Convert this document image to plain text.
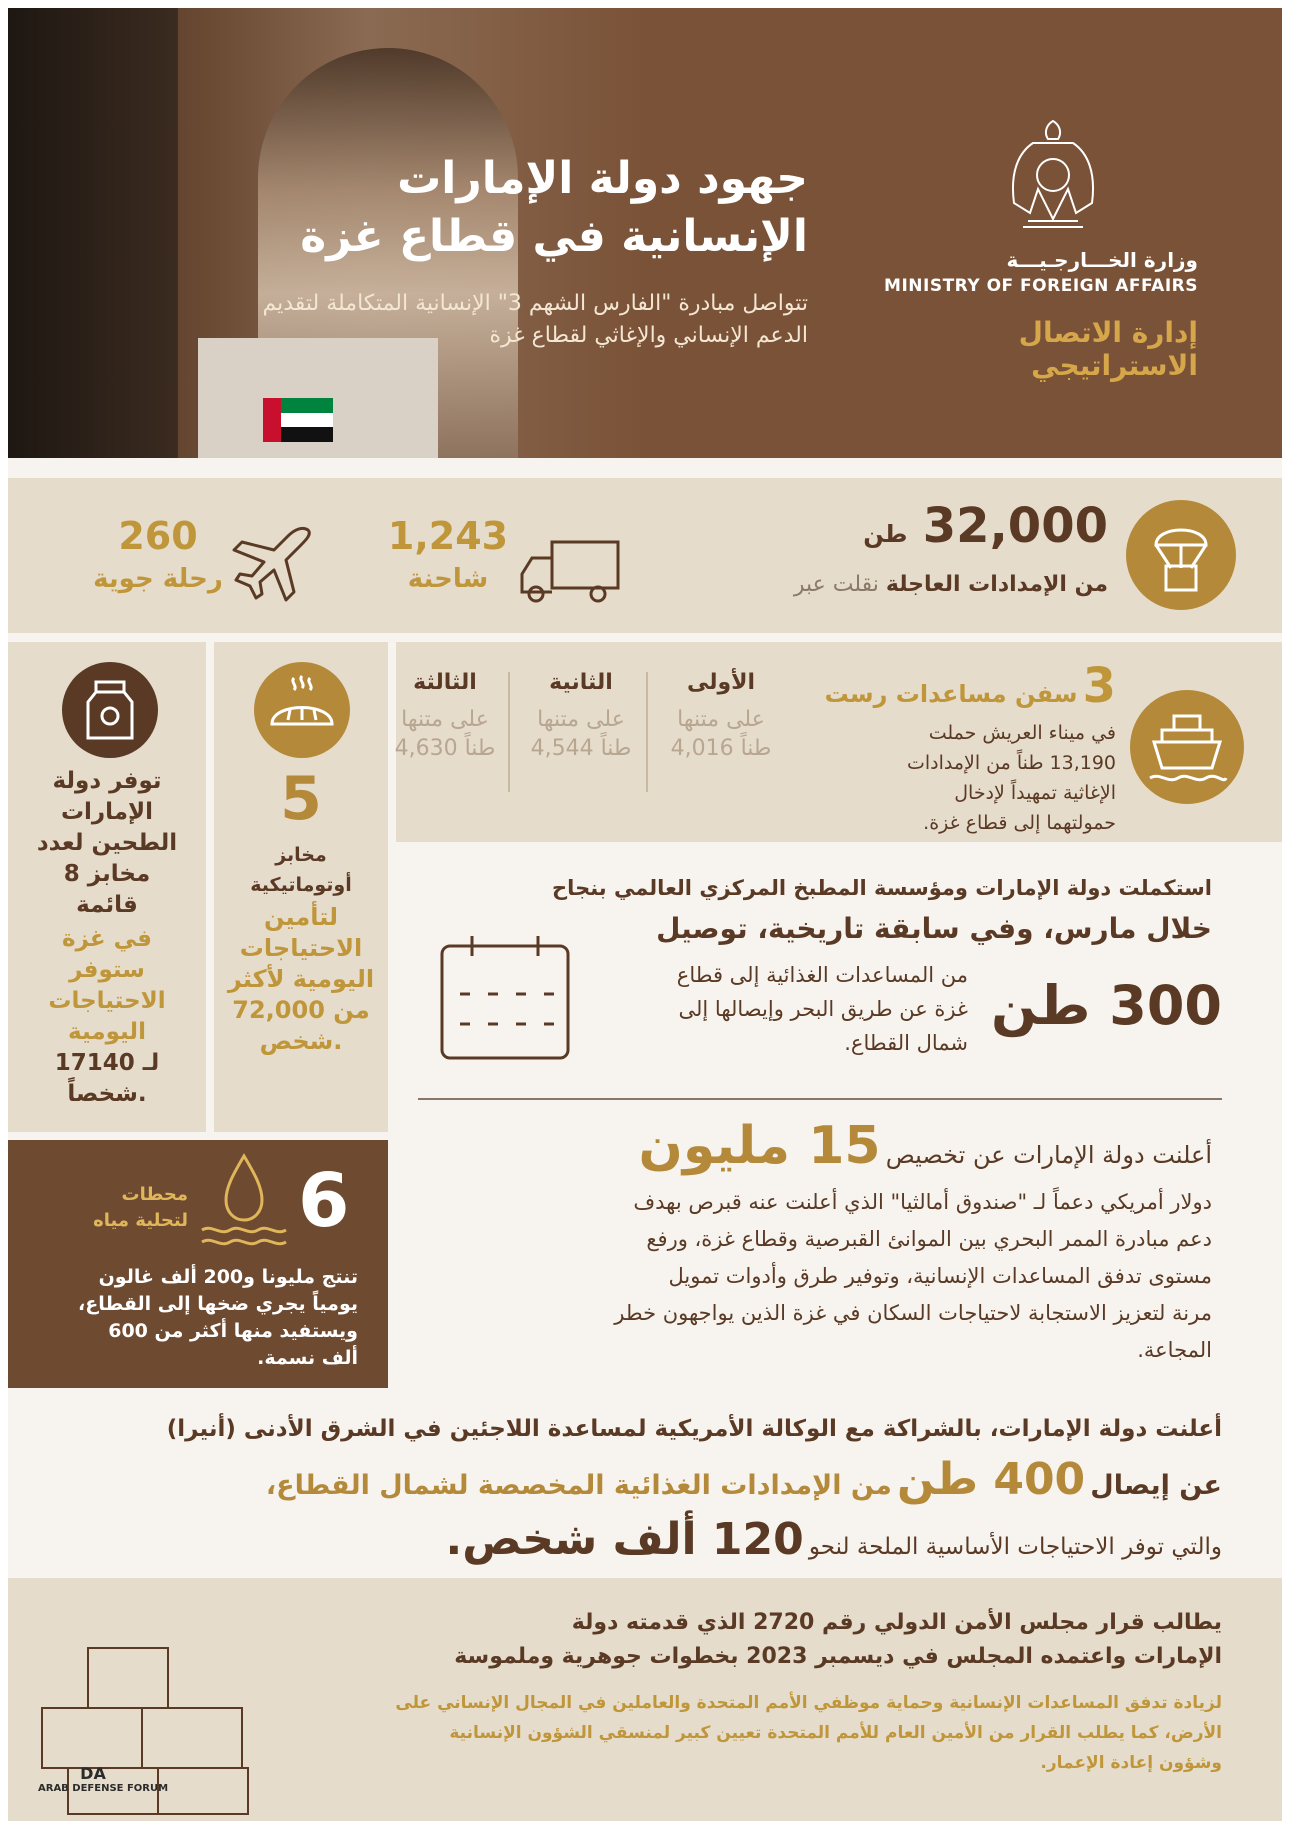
جهود دولة الإمارات
الإنسانية في قطاع غزة
تتواصل مبادرة "الفارس الشهم 3" الإنسانية المتكاملة لتقديم
الدعم الإنساني والإغاثي لقطاع غزة
وزارة الخـــارجـيـــة
MINISTRY OF FOREIGN AFFAIRS
إدارة الاتصال الاستراتيجي
32,000 طن
من الإمدادات العاجلة نقلت عبر
1,243
شاحنة
260
رحلة جوية
3 سفن مساعدات رست
في ميناء العريش حملت
13,190 طناً من الإمدادات
الإغاثية تمهيداً لإدخال
حمولتهما إلى قطاع غزة.
الأولى
على متنها
4,016 طناً
الثانية
على متنها
4,544 طناً
الثالثة
على متنها
4,630 طناً
5
مخابز
أوتوماتيكية
لتأمين
الاحتياجات
اليومية لأكثر
من 72,000
شخص.
توفر دولة
الإمارات
الطحين لعدد
8 مخابز
قائمة
في غزة
ستوفر
الاحتياجات
اليومية
لـ 17140
شخصاً.
استكملت دولة الإمارات ومؤسسة المطبخ المركزي العالمي بنجاح
خلال مارس، وفي سابقة تاريخية، توصيل
من المساعدات الغذائية إلى قطاع
غزة عن طريق البحر وإيصالها إلى
شمال القطاع.
300 طن
أعلنت دولة الإمارات عن تخصيص 15 مليون
دولار أمريكي دعماً لـ "صندوق أمالثيا" الذي أعلنت عنه قبرص بهدف
دعم مبادرة الممر البحري بين الموانئ القبرصية وقطاع غزة، ورفع
مستوى تدفق المساعدات الإنسانية، وتوفير طرق وأدوات تمويل
مرنة لتعزيز الاستجابة لاحتياجات السكان في غزة الذين يواجهون خطر
المجاعة.
6
محطات
لتحلية مياه
تنتج مليونا و200 ألف غالون
يومياً يجري ضخها إلى القطاع،
ويستفيد منها أكثر من 600
ألف نسمة.
أعلنت دولة الإمارات، بالشراكة مع الوكالة الأمريكية لمساعدة اللاجئين في الشرق الأدنى (أنيرا)
عن إيصال 400 طن من الإمدادات الغذائية المخصصة لشمال القطاع،
والتي توفر الاحتياجات الأساسية الملحة لنحو 120 ألف شخص.
DA
ARAB DEFENSE FORUM
يطالب قرار مجلس الأمن الدولي رقم 2720 الذي قدمته دولة
الإمارات واعتمده المجلس في ديسمبر 2023 بخطوات جوهرية وملموسة
لزيادة تدفق المساعدات الإنسانية وحماية موظفي الأمم المتحدة والعاملين في المجال الإنساني على
الأرض، كما يطلب القرار من الأمين العام للأمم المتحدة تعيين كبير لمنسقي الشؤون الإنسانية
وشؤون إعادة الإعمار.
